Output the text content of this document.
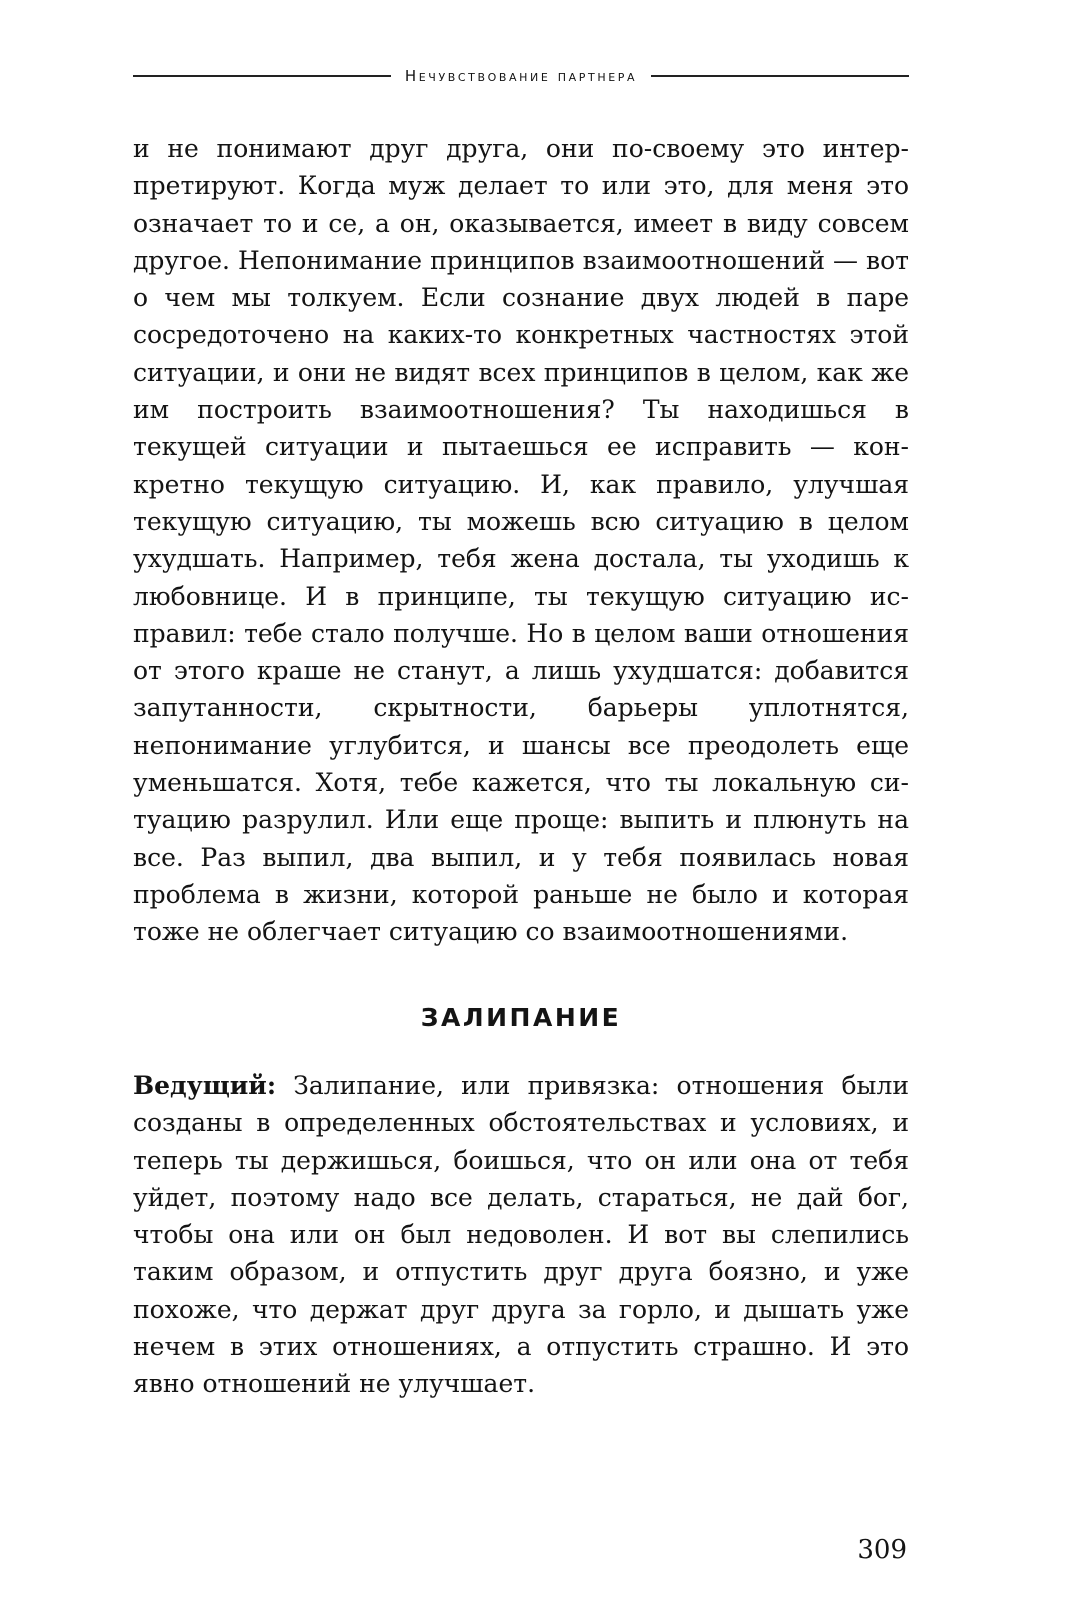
Нечувствование партнера

и не понимают друг друга, они по-своему это интерпретируют. Когда муж делает то или это, для меня это означает то и се, а он, оказывается, имеет в виду совсем другое. Непонимание принципов взаимоотношений — вот о чем мы толкуем. Если сознание двух людей в паре сосредоточено на каких-то конкретных частностях этой ситуации, и они не видят всех принципов в целом, как же им построить взаимоотношения? Ты находишься в текущей ситуации и пытаешься ее исправить — конкретно текущую ситуацию. И, как правило, улучшая текущую ситуацию, ты можешь всю ситуацию в целом ухудшать. Например, тебя жена достала, ты уходишь к любовнице. И в принципе, ты текущую ситуацию исправил: тебе стало получше. Но в целом ваши отношения от этого краше не станут, а лишь ухудшатся: добавится запутанности, скрытности, барьеры уплотнятся, непонимание углубится, и шансы все преодолеть еще уменьшатся. Хотя, тебе кажется, что ты локальную ситуацию разрулил. Или еще проще: выпить и плюнуть на все. Раз выпил, два выпил, и у тебя появилась новая проблема в жизни, которой раньше не было и которая тоже не облегчает ситуацию со взаимоотношениями.

ЗАЛИПАНИЕ

Ведущий: Залипание, или привязка: отношения были созданы в определенных обстоятельствах и условиях, и теперь ты держишься, боишься, что он или она от тебя уйдет, поэтому надо все делать, стараться, не дай бог, чтобы она или он был недоволен. И вот вы слепились таким образом, и отпустить друг друга боязно, и уже похоже, что держат друг друга за горло, и дышать уже нечем в этих отношениях, а отпустить страшно. И это явно отношений не улучшает.

309
